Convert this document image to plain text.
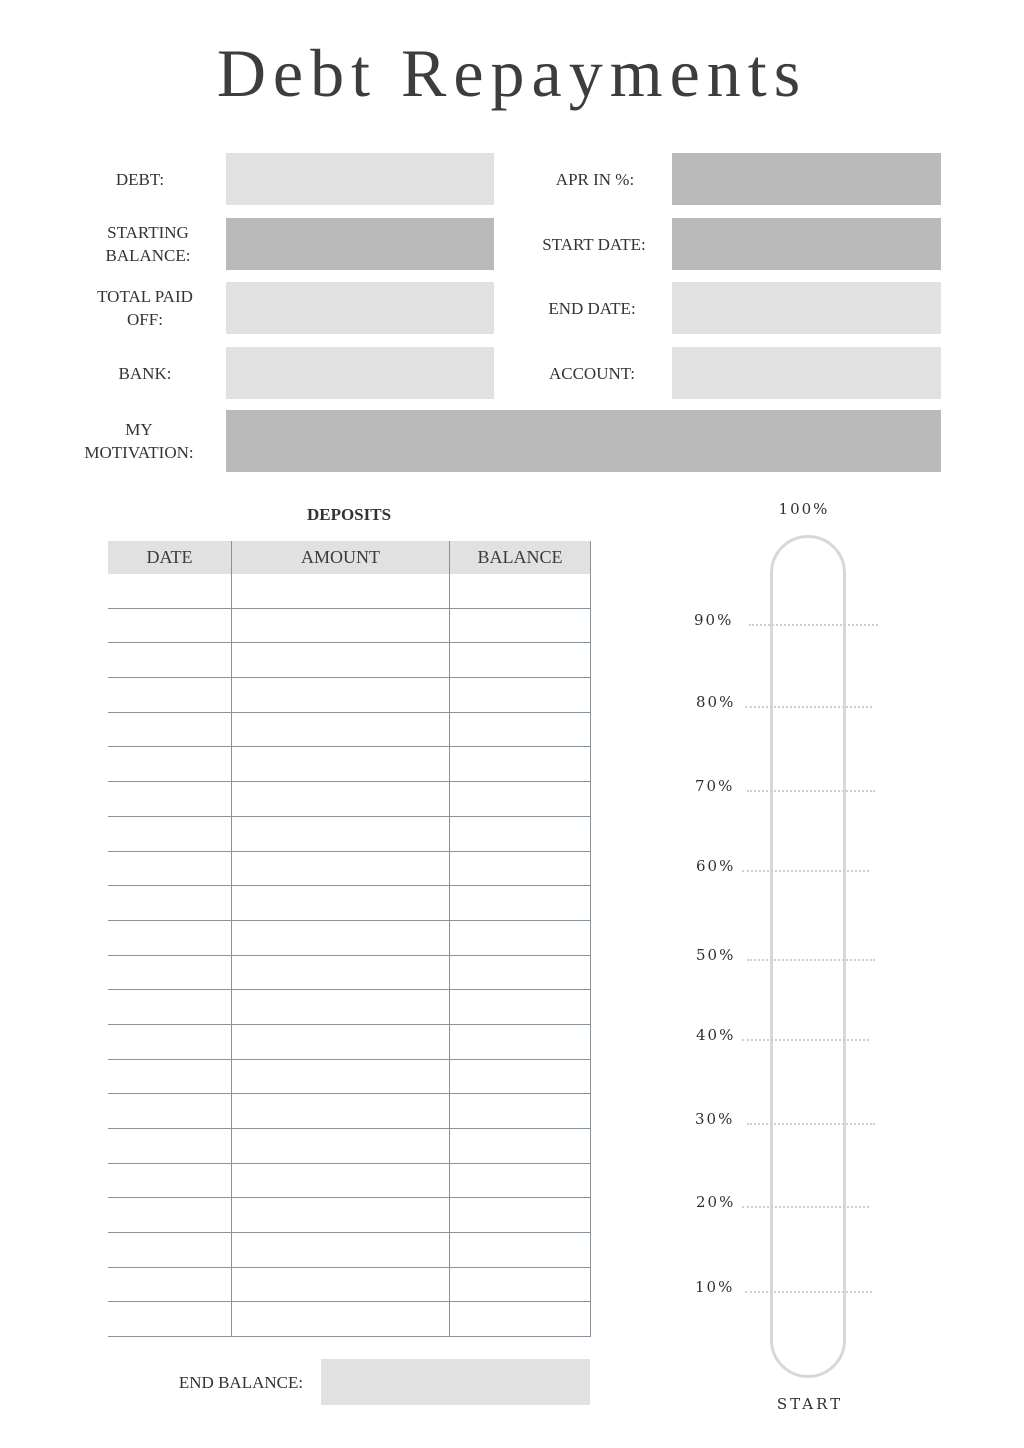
Debt Repayments
DEBT:
STARTING
BALANCE:
TOTAL PAID
OFF:
BANK:
APR IN %:
START DATE:
END DATE:
ACCOUNT:
MY
MOTIVATION:
DEPOSITS
DATE	AMOUNT	BALANCE

END BALANCE:
100%
90%
80%
70%
60%
50%
40%
30%
20%
10%
START
